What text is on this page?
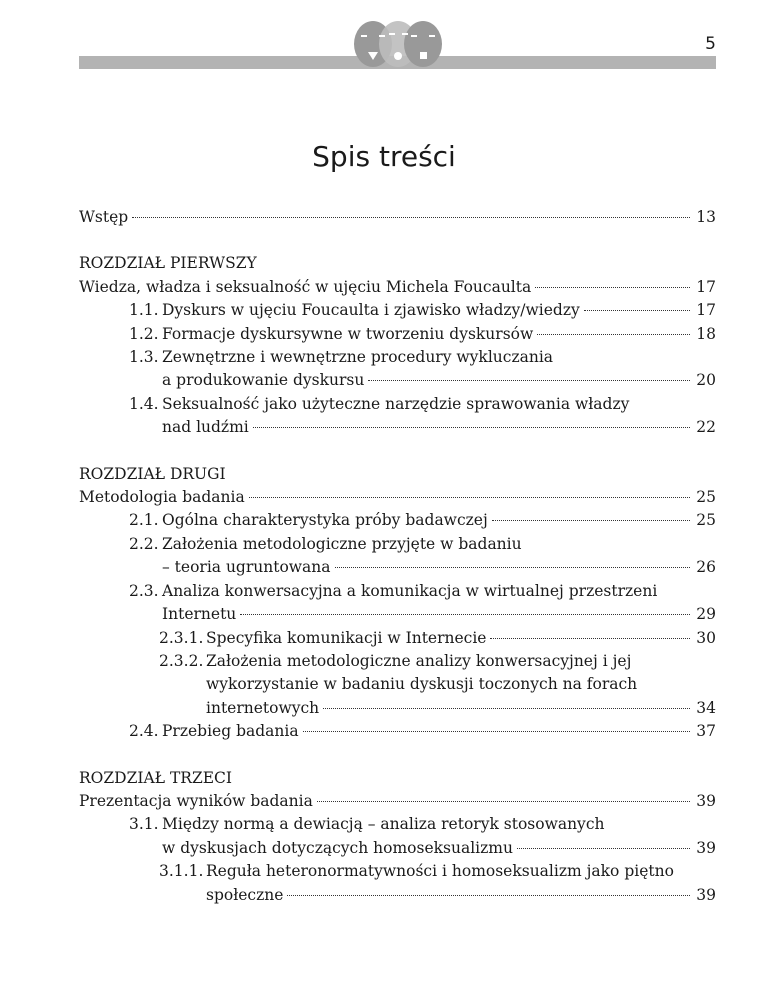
5
Spis treści
Wstęp	13
ROZDZIAŁ PIERWSZY
Wiedza, władza i seksualność w ujęciu Michela Foucaulta	17
1.1. Dyskurs w ujęciu Foucaulta i zjawisko władzy/wiedzy	17
1.2. Formacje dyskursywne w tworzeniu dyskursów	18
1.3. Zewnętrzne i wewnętrzne procedury wykluczania
a produkowanie dyskursu	20
1.4. Seksualność jako użyteczne narzędzie sprawowania władzy
nad ludźmi	22
ROZDZIAŁ DRUGI
Metodologia badania	25
2.1. Ogólna charakterystyka próby badawczej	25
2.2. Założenia metodologiczne przyjęte w badaniu
– teoria ugruntowana	26
2.3. Analiza konwersacyjna a komunikacja w wirtualnej przestrzeni
Internetu	29
2.3.1. Specyfika komunikacji w Internecie	30
2.3.2. Założenia metodologiczne analizy konwersacyjnej i jej
wykorzystanie w badaniu dyskusji toczonych na forach
internetowych	34
2.4. Przebieg badania	37
ROZDZIAŁ TRZECI
Prezentacja wyników badania	39
3.1. Między normą a dewiacją – analiza retoryk stosowanych
w dyskusjach dotyczących homoseksualizmu	39
3.1.1. Reguła heteronormatywności i homoseksualizm jako piętno
społeczne	39
